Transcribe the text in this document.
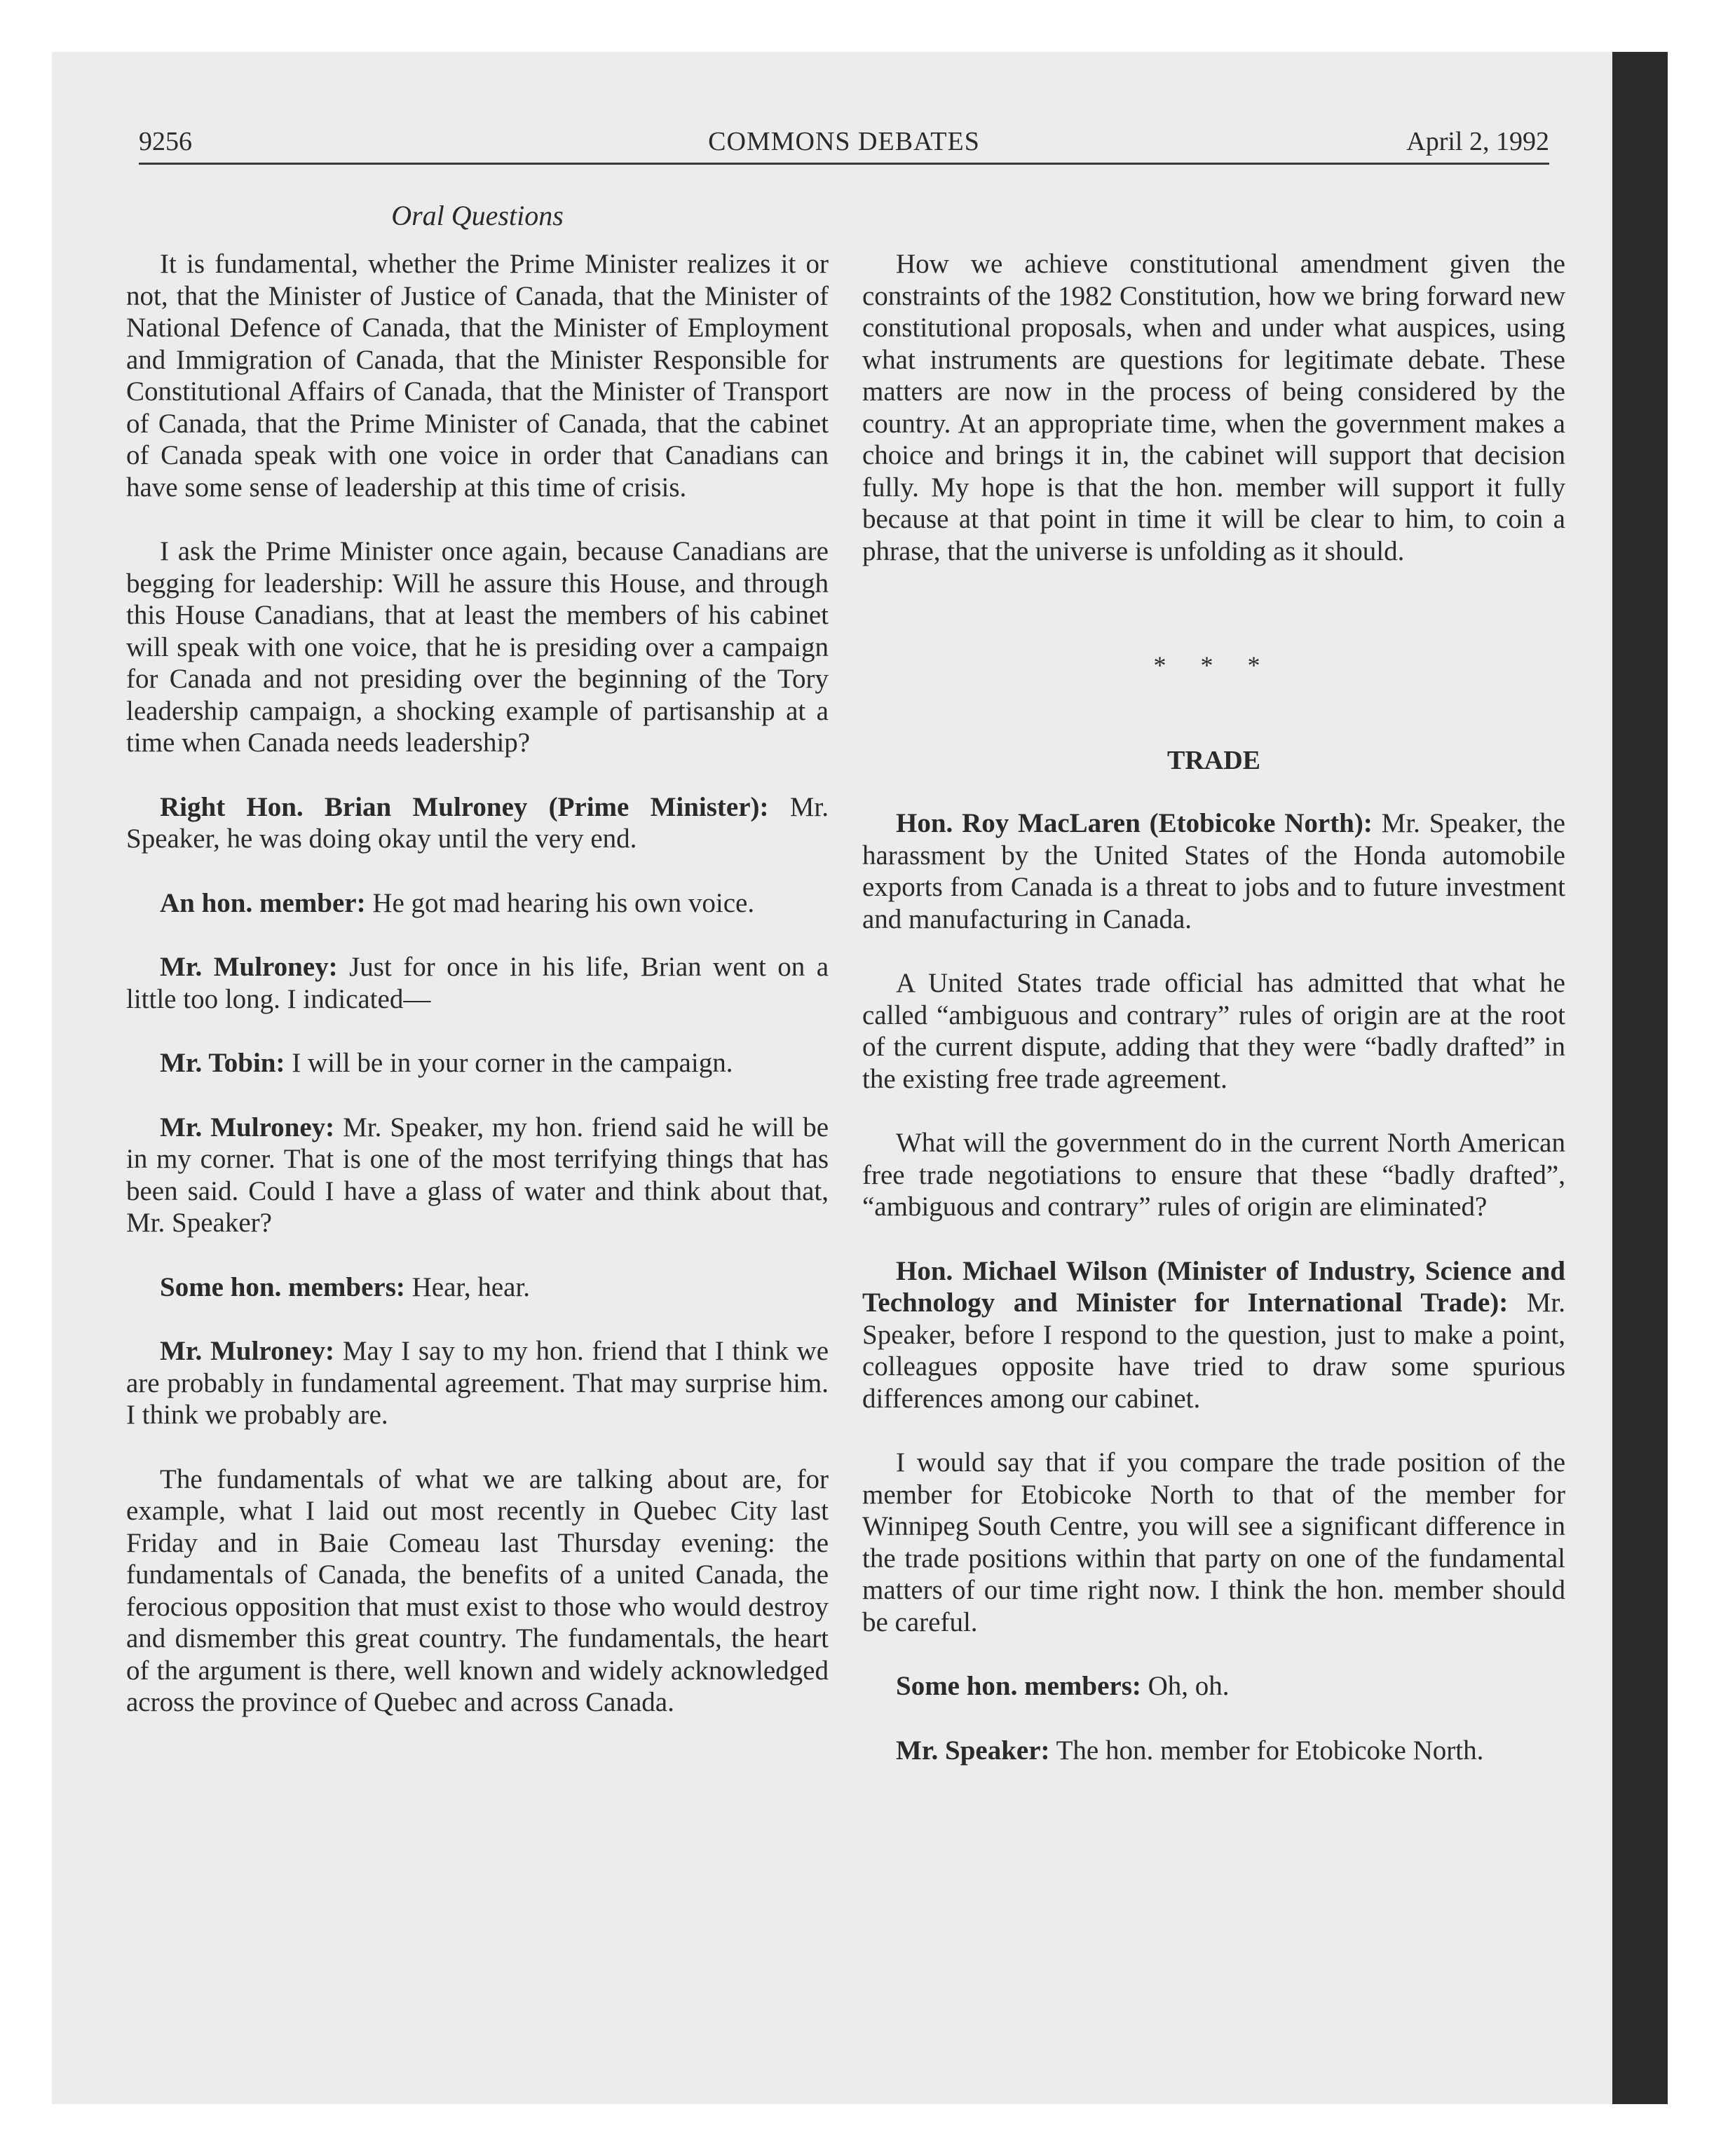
9256	COMMONS DEBATES	April 2, 1992
Oral Questions

It is fundamental, whether the Prime Minister realizes it or not, that the Minister of Justice of Canada, that the Minister of National Defence of Canada, that the Minister of Employment and Immigration of Canada, that the Minister Responsible for Constitutional Affairs of Canada, that the Minister of Transport of Canada, that the Prime Minister of Canada, that the cabinet of Canada speak with one voice in order that Canadians can have some sense of leadership at this time of crisis.

I ask the Prime Minister once again, because Canadians are begging for leadership: Will he assure this House, and through this House Canadians, that at least the members of his cabinet will speak with one voice, that he is presiding over a campaign for Canada and not presiding over the beginning of the Tory leadership campaign, a shocking example of partisanship at a time when Canada needs leadership?

Right Hon. Brian Mulroney (Prime Minister): Mr. Speaker, he was doing okay until the very end.

An hon. member: He got mad hearing his own voice.

Mr. Mulroney: Just for once in his life, Brian went on a little too long. I indicated—

Mr. Tobin: I will be in your corner in the campaign.

Mr. Mulroney: Mr. Speaker, my hon. friend said he will be in my corner. That is one of the most terrifying things that has been said. Could I have a glass of water and think about that, Mr. Speaker?

Some hon. members: Hear, hear.

Mr. Mulroney: May I say to my hon. friend that I think we are probably in fundamental agreement. That may surprise him. I think we probably are.

The fundamentals of what we are talking about are, for example, what I laid out most recently in Quebec City last Friday and in Baie Comeau last Thursday evening: the fundamentals of Canada, the benefits of a united Canada, the ferocious opposition that must exist to those who would destroy and dismember this great country. The fundamentals, the heart of the argument is there, well known and widely acknowledged across the province of Quebec and across Canada.

How we achieve constitutional amendment given the constraints of the 1982 Constitution, how we bring forward new constitutional proposals, when and under what auspices, using what instruments are questions for legitimate debate. These matters are now in the process of being considered by the country. At an appropriate time, when the government makes a choice and brings it in, the cabinet will support that decision fully. My hope is that the hon. member will support it fully because at that point in time it will be clear to him, to coin a phrase, that the universe is unfolding as it should.

* * *
TRADE

Hon. Roy MacLaren (Etobicoke North): Mr. Speaker, the harassment by the United States of the Honda automobile exports from Canada is a threat to jobs and to future investment and manufacturing in Canada.

A United States trade official has admitted that what he called “ambiguous and contrary” rules of origin are at the root of the current dispute, adding that they were “badly drafted” in the existing free trade agreement.

What will the government do in the current North American free trade negotiations to ensure that these “badly drafted”, “ambiguous and contrary” rules of origin are eliminated?

Hon. Michael Wilson (Minister of Industry, Science and Technology and Minister for International Trade): Mr. Speaker, before I respond to the question, just to make a point, colleagues opposite have tried to draw some spurious differences among our cabinet.

I would say that if you compare the trade position of the member for Etobicoke North to that of the member for Winnipeg South Centre, you will see a significant difference in the trade positions within that party on one of the fundamental matters of our time right now. I think the hon. member should be careful.

Some hon. members: Oh, oh.

Mr. Speaker: The hon. member for Etobicoke North.
